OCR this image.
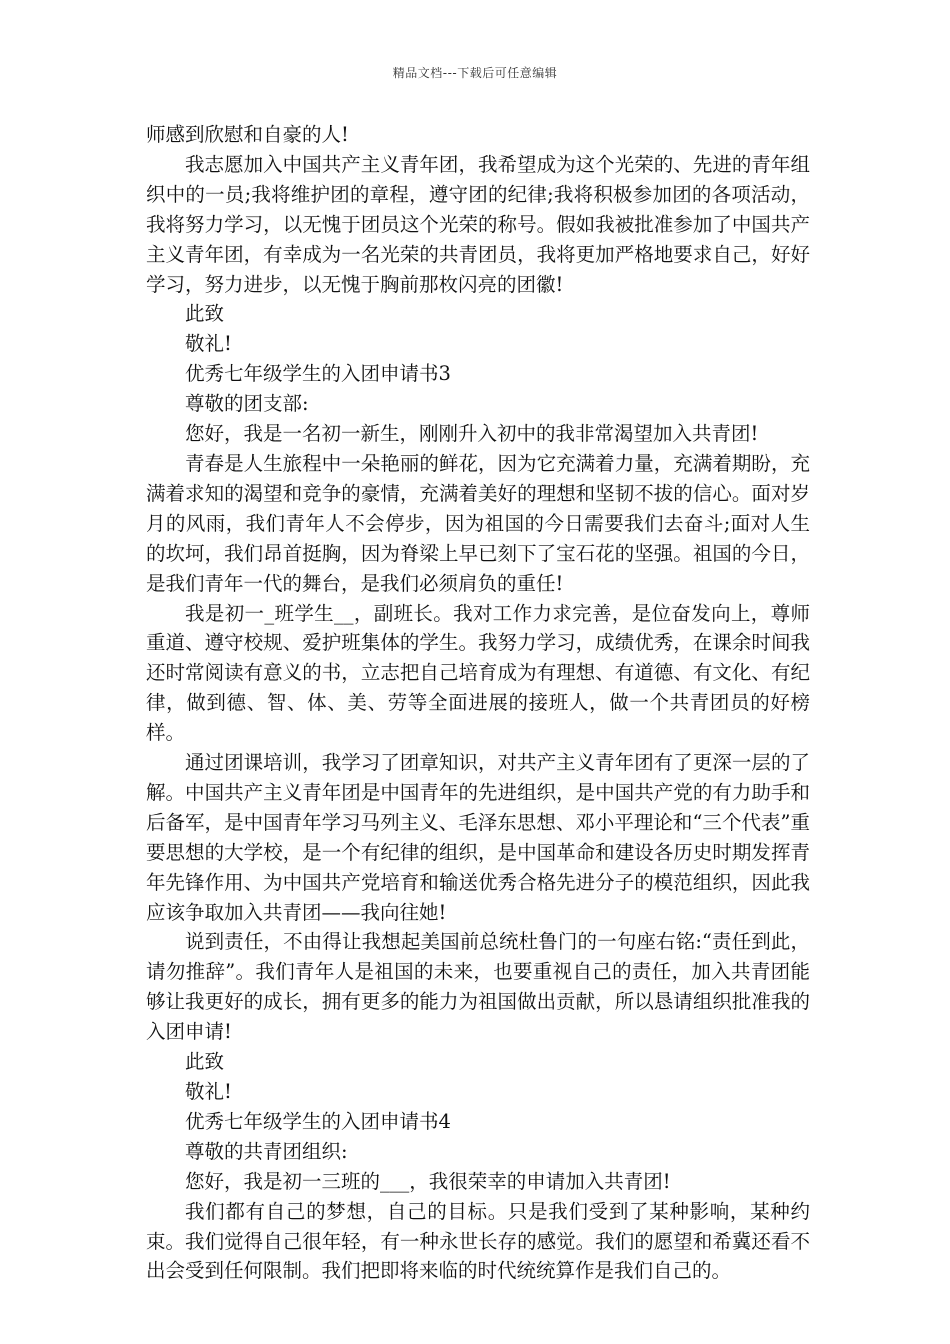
精品文档---下载后可任意编辑

师感到欣慰和自豪的人!

我志愿加入中国共产主义青年团，我希望成为这个光荣的、先进的青年组织中的一员;我将维护团的章程，遵守团的纪律;我将积极参加团的各项活动，我将努力学习，以无愧于团员这个光荣的称号。假如我被批准参加了中国共产主义青年团，有幸成为一名光荣的共青团员，我将更加严格地要求自己，好好学习，努力进步，以无愧于胸前那枚闪亮的团徽!

此致

敬礼!

优秀七年级学生的入团申请书3

尊敬的团支部:

您好，我是一名初一新生，刚刚升入初中的我非常渴望加入共青团!

青春是人生旅程中一朵艳丽的鲜花，因为它充满着力量，充满着期盼，充满着求知的渴望和竞争的豪情，充满着美好的理想和坚韧不拔的信心。面对岁月的风雨，我们青年人不会停步，因为祖国的今日需要我们去奋斗;面对人生的坎坷，我们昂首挺胸，因为脊梁上早已刻下了宝石花的坚强。祖国的今日，是我们青年一代的舞台，是我们必须肩负的重任!

我是初一_班学生__，副班长。我对工作力求完善，是位奋发向上，尊师重道、遵守校规、爱护班集体的学生。我努力学习，成绩优秀，在课余时间我还时常阅读有意义的书，立志把自己培育成为有理想、有道德、有文化、有纪律，做到德、智、体、美、劳等全面进展的接班人，做一个共青团员的好榜样。

通过团课培训，我学习了团章知识，对共产主义青年团有了更深一层的了解。中国共产主义青年团是中国青年的先进组织，是中国共产党的有力助手和后备军，是中国青年学习马列主义、毛泽东思想、邓小平理论和“三个代表”重要思想的大学校，是一个有纪律的组织，是中国革命和建设各历史时期发挥青年先锋作用、为中国共产党培育和输送优秀合格先进分子的模范组织，因此我应该争取加入共青团——我向往她!

说到责任，不由得让我想起美国前总统杜鲁门的一句座右铭:“责任到此，请勿推辞”。我们青年人是祖国的未来，也要重视自己的责任，加入共青团能够让我更好的成长，拥有更多的能力为祖国做出贡献，所以恳请组织批准我的入团申请!

此致

敬礼!

优秀七年级学生的入团申请书4

尊敬的共青团组织:

您好，我是初一三班的___，我很荣幸的申请加入共青团!

我们都有自己的梦想，自己的目标。只是我们受到了某种影响，某种约束。我们觉得自己很年轻，有一种永世长存的感觉。我们的愿望和希冀还看不出会受到任何限制。我们把即将来临的时代统统算作是我们自己的。
